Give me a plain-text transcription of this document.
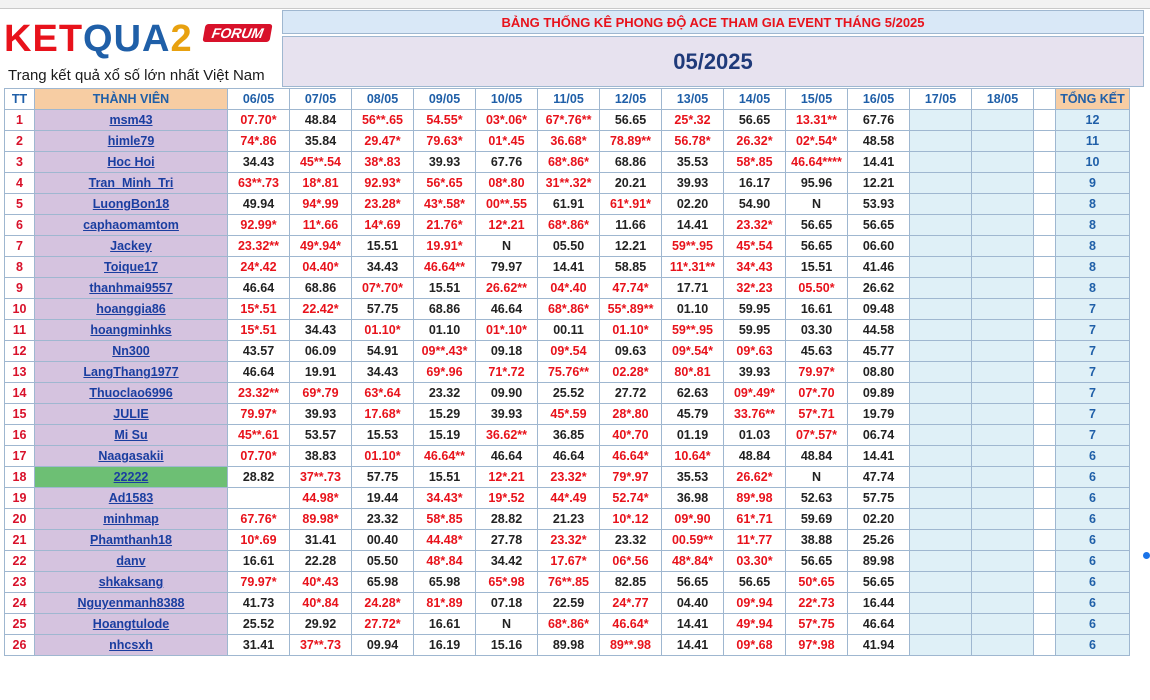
K E T Q U A 2	FORUM
Trang kết quả xổ số lớn nhất Việt Nam
BẢNG THỐNG KÊ PHONG ĐỘ ACE THAM GIA EVENT THÁNG 5/2025
05/2025
TT	THÀNH VIÊN	06/05	07/05	08/05	09/05	10/05	11/05	12/05	13/05	14/05	15/05	16/05	17/05	18/05		TỔNG KẾT
1	msm43	07.70*	48.84	56**.65	54.55*	03*.06*	67*.76**	56.65	25*.32	56.65	13.31**	67.76				12
2	himle79	74*.86	35.84	29.47*	79.63*	01*.45	36.68*	78.89**	56.78*	26.32*	02*.54*	48.58				11
3	Hoc Hoi	34.43	45**.54	38*.83	39.93	67.76	68*.86*	68.86	35.53	58*.85	46.64****	14.41				10
4	Tran_Minh_Tri	63**.73	18*.81	92.93*	56*.65	08*.80	31**.32*	20.21	39.93	16.17	95.96	12.21				9
5	LuongBon18	49.94	94*.99	23.28*	43*.58*	00**.55	61.91	61*.91*	02.20	54.90	N	53.93				8
6	caphaomamtom	92.99*	11*.66	14*.69	21.76*	12*.21	68*.86*	11.66	14.41	23.32*	56.65	56.65				8
7	Jackey	23.32**	49*.94*	15.51	19.91*	N	05.50	12.21	59**.95	45*.54	56.65	06.60				8
8	Toique17	24*.42	04.40*	34.43	46.64**	79.97	14.41	58.85	11*.31**	34*.43	15.51	41.46				8
9	thanhmai9557	46.64	68.86	07*.70*	15.51	26.62**	04*.40	47.74*	17.71	32*.23	05.50*	26.62				8
10	hoanggia86	15*.51	22.42*	57.75	68.86	46.64	68*.86*	55*.89**	01.10	59.95	16.61	09.48				7
11	hoangminhks	15*.51	34.43	01.10*	01.10	01*.10*	00.11	01.10*	59**.95	59.95	03.30	44.58				7
12	Nn300	43.57	06.09	54.91	09**.43*	09.18	09*.54	09.63	09*.54*	09*.63	45.63	45.77				7
13	LangThang1977	46.64	19.91	34.43	69*.96	71*.72	75.76**	02.28*	80*.81	39.93	79.97*	08.80				7
14	Thuoclao6996	23.32**	69*.79	63*.64	23.32	09.90	25.52	27.72	62.63	09*.49*	07*.70	09.89				7
15	JULIE	79.97*	39.93	17.68*	15.29	39.93	45*.59	28*.80	45.79	33.76**	57*.71	19.79				7
16	Mi Su	45**.61	53.57	15.53	15.19	36.62**	36.85	40*.70	01.19	01.03	07*.57*	06.74				7
17	Naagasakii	07.70*	38.83	01.10*	46.64**	46.64	46.64	46.64*	10.64*	48.84	48.84	14.41				6
18	22222	28.82	37**.73	57.75	15.51	12*.21	23.32*	79*.97	35.53	26.62*	N	47.74				6
19	Ad1583		44.98*	19.44	34.43*	19*.52	44*.49	52.74*	36.98	89*.98	52.63	57.75				6
20	minhmap	67.76*	89.98*	23.32	58*.85	28.82	21.23	10*.12	09*.90	61*.71	59.69	02.20				6
21	Phamthanh18	10*.69	31.41	00.40	44.48*	27.78	23.32*	23.32	00.59**	11*.77	38.88	25.26				6
22	danv	16.61	22.28	05.50	48*.84	34.42	17.67*	06*.56	48*.84*	03.30*	56.65	89.98				6
23	shkaksang	79.97*	40*.43	65.98	65.98	65*.98	76**.85	82.85	56.65	56.65	50*.65	56.65				6
24	Nguyenmanh8388	41.73	40*.84	24.28*	81*.89	07.18	22.59	24*.77	04.40	09*.94	22*.73	16.44				6
25	Hoangtulode	25.52	29.92	27.72*	16.61	N	68*.86*	46.64*	14.41	49*.94	57*.75	46.64				6
26	nhcsxh	31.41	37**.73	09.94	16.19	15.16	89.98	89**.98	14.41	09*.68	97*.98	41.94				6
